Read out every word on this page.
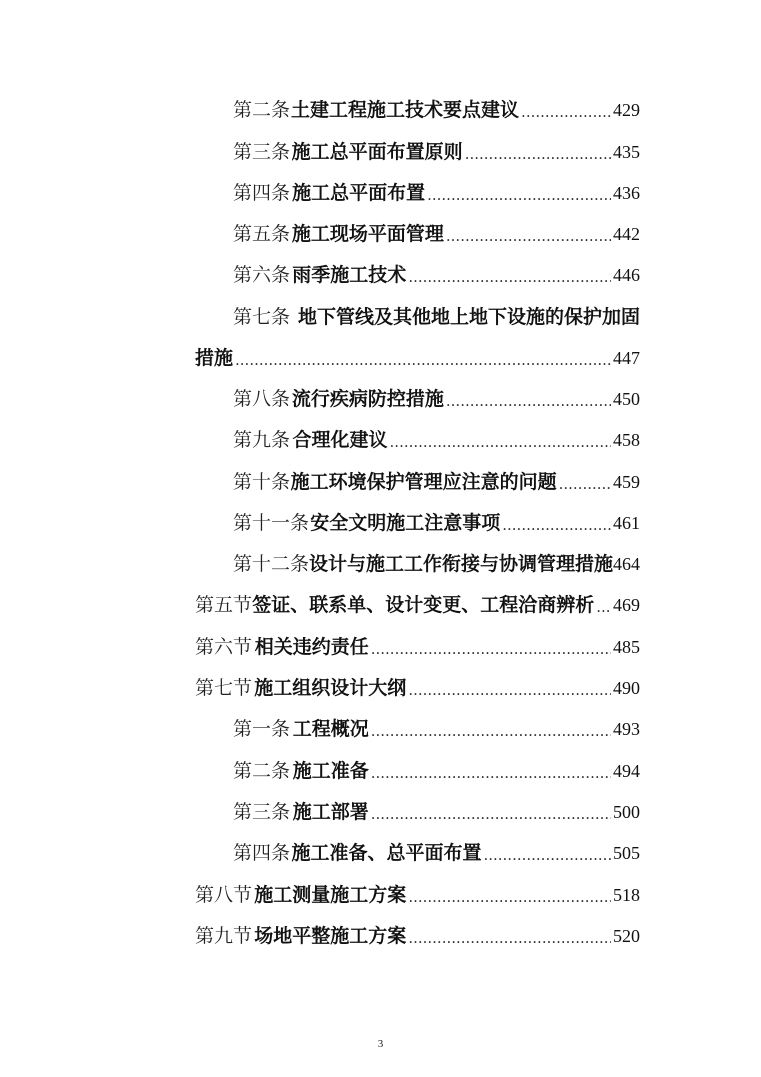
第二条 土建工程施工技术要点建议 .....	429
第三条 施工总平面布置原则 .....	435
第四条 施工总平面布置 .....	436
第五条 施工现场平面管理 .....	442
第六条 雨季施工技术 .....	446
第七条 地下管线及其他地上地下设施的保护加固
措施 .....	447
第八条 流行疾病防控措施 .....	450
第九条 合理化建议 .....	458
第十条 施工环境保护管理应注意的问题 .....	459
第十一条 安全文明施工注意事项 .....	461
第十二条 设计与施工工作衔接与协调管理措施 464
第五节 签证、联系单、设计变更、工程洽商辨析 ..... 469
第六节 相关违约责任 .....	485
第七节 施工组织设计大纲 .....	490
第一条 工程概况 .....	493
第二条 施工准备 .....	494
第三条 施工部署 .....	500
第四条 施工准备、总平面布置 .....	505
第八节 施工测量施工方案 .....	518
第九节 场地平整施工方案 .....	520
3
